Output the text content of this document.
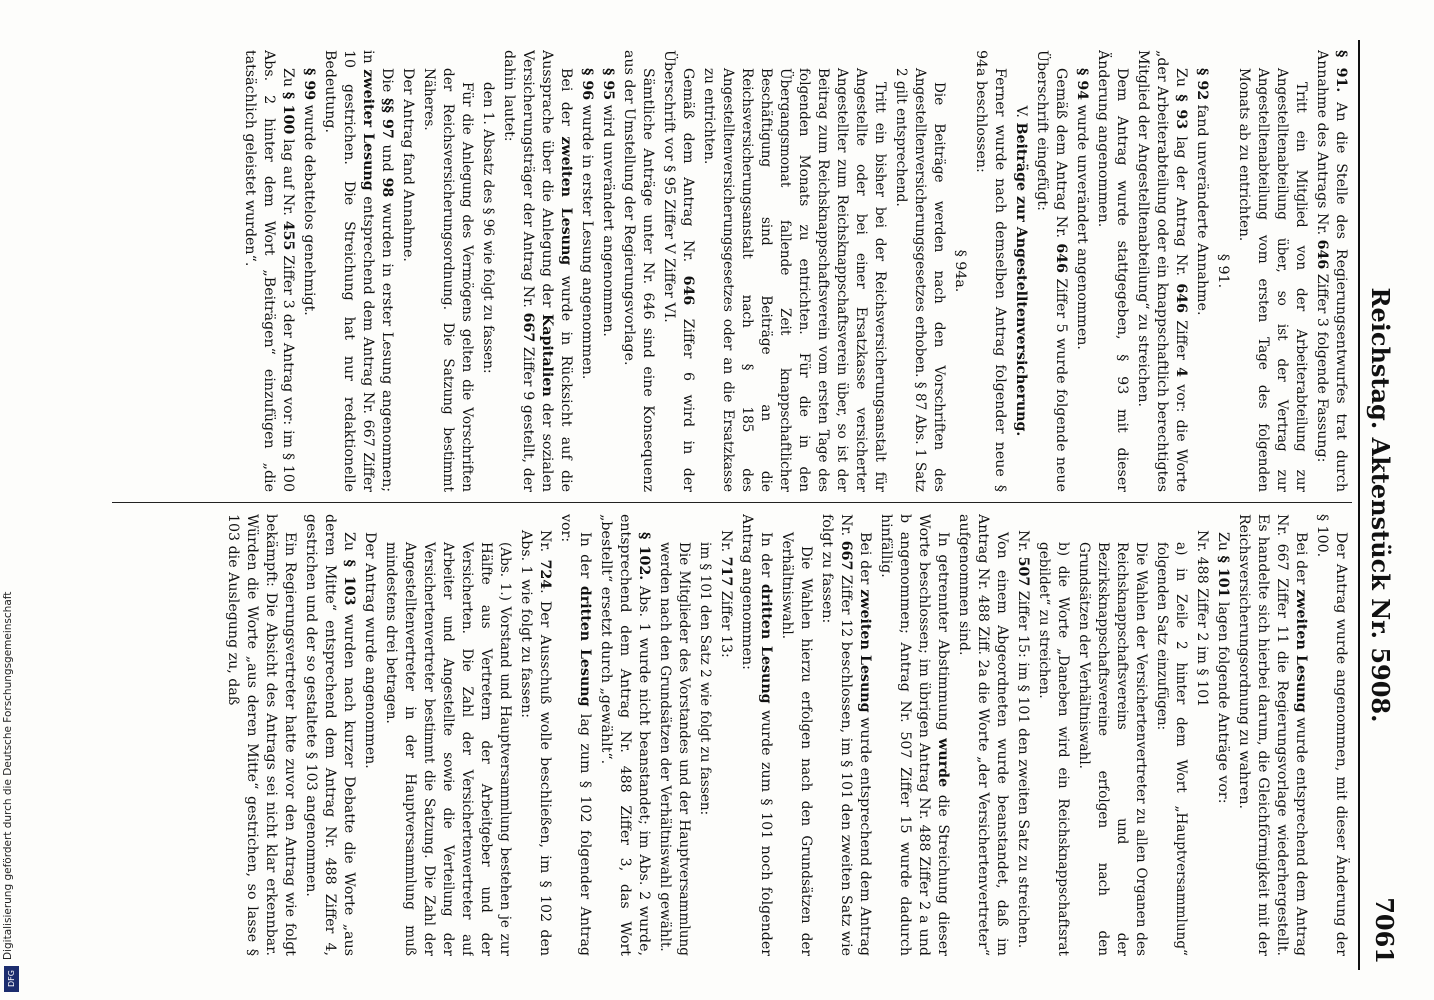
Digitalisierung gefördert durch die Deutsche Forschungsgemeinschaft
DFG
Reichstag. Aktenstück Nr. 5908.
7061

§ 91. An die Stelle des Regierungsentwurfes trat durch Annahme des Antrags Nr. 646 Ziffer 3 folgende Fassung:

Tritt ein Mitglied von der Arbeiterabteilung zur Angestelltenabteilung über, so ist der Vertrag zur Angestelltenabteilung vom ersten Tage des folgenden Monats ab zu entrichten.

§ 91.

§ 92 fand unveränderte Annahme.

Zu § 93 lag der Antrag Nr. 646 Ziffer 4 vor: die Worte „der Arbeiterabteilung oder ein knappschaftlich berechtigtes Mitglied der Angestelltenabteilung“ zu streichen.

Dem Antrag wurde stattgegeben, § 93 mit dieser Änderung angenommen.

§ 94 wurde unverändert angenommen.

Gemäß dem Antrag Nr. 646 Ziffer 5 wurde folgende neue Überschrift eingefügt:

V. Beiträge zur Angestelltenversicherung.

Ferner wurde nach demselben Antrag folgender neue § 94a beschlossen:

§ 94a.

Die Beiträge werden nach den Vorschriften des Angestelltenversicherungsgesetzes erhoben. § 87 Abs. 1 Satz 2 gilt entsprechend.

Tritt ein bisher bei der Reichsversicherungsanstalt für Angestellte oder bei einer Ersatzkasse versicherter Angestellter zum Reichsknappschaftsverein über, so ist der Beitrag zum Reichsknappschaftsverein vom ersten Tage des folgenden Monats zu entrichten. Für die in den Übergangsmonat fallende Zeit knappschaftlicher Beschäftigung sind Beiträge an die Reichsversicherungsanstalt nach § 185 des Angestelltenversicherungsgesetzes oder an die Ersatzkasse zu entrichten.

Gemäß dem Antrag Nr. 646 Ziffer 6 wird in der Überschrift vor § 95 Ziffer V Ziffer VI.

Sämtliche Anträge unter Nr. 646 sind eine Konsequenz aus der Umstellung der Regierungsvorlage.

§ 95 wird unverändert angenommen.

§ 96 wurde in erster Lesung angenommen.

Bei der zweiten Lesung wurde in Rücksicht auf die Aussprache über die Anlegung der Kapitalien der sozialen Versicherungsträger der Antrag Nr. 667 Ziffer 9 gestellt, der dahin lautet:

den 1. Absatz des § 96 wie folgt zu fassen:

Für die Anlegung des Vermögens gelten die Vorschriften der Reichsversicherungsordnung. Die Satzung bestimmt Näheres.

Der Antrag fand Annahme.

Die §§ 97 und 98 wurden in erster Lesung angenommen; in zweiter Lesung entsprechend dem Antrag Nr. 667 Ziffer 10 gestrichen. Die Streichung hat nur redaktionelle Bedeutung.

§ 99 wurde debattelos genehmigt.

Zu § 100 lag auf Nr. 455 Ziffer 3 der Antrag vor: im § 100 Abs. 2 hinter dem Wort „Beiträgen“ einzufügen „die tatsächlich geleistet wurden“.

Der Antrag wurde angenommen, mit dieser Änderung der § 100.

Bei der zweiten Lesung wurde entsprechend dem Antrag Nr. 667 Ziffer 11 die Regierungsvorlage wiederhergestellt. Es handelte sich hierbei darum, die Gleichförmigkeit mit der Reichsversicherungsordnung zu wahren.

Zu § 101 lagen folgende Anträge vor:

Nr. 488 Ziffer 2 im § 101

a) in Zeile 2 hinter dem Wort „Hauptversammlung“ folgenden Satz einzufügen:

Die Wahlen der Versichertenvertreter zu allen Organen des Reichsknappschaftsvereins und der Bezirksknappschaftsvereine erfolgen nach den Grundsätzen der Verhältniswahl.

b) die Worte „Daneben wird ein Reichsknappschaftsrat gebildet“ zu streichen.

Nr. 507 Ziffer 15: im § 101 den zweiten Satz zu streichen.

Von einem Abgeordneten wurde beanstandet, daß im Antrag Nr. 488 Ziff. 2a die Worte „der Versichertenvertreter“ aufgenommen sind.

In getrennter Abstimmung wurde die Streichung dieser Worte beschlossen; im übrigen Antrag Nr. 488 Ziffer 2 a und b angenommen; Antrag Nr. 507 Ziffer 15 wurde dadurch hinfällig.

Bei der zweiten Lesung wurde entsprechend dem Antrag Nr. 667 Ziffer 12 beschlossen, im § 101 den zweiten Satz wie folgt zu fassen:

Die Wahlen hierzu erfolgen nach den Grundsätzen der Verhältniswahl.

In der dritten Lesung wurde zum § 101 noch folgender Antrag angenommen:

Nr. 717 Ziffer 13:

im § 101 den Satz 2 wie folgt zu fassen:

Die Mitglieder des Vorstandes und der Hauptversammlung werden nach den Grundsätzen der Verhältniswahl gewählt.

§ 102. Abs. 1 wurde nicht beanstandet; im Abs. 2 wurde, entsprechend dem Antrag Nr. 488 Ziffer 3, das Wort „bestellt“ ersetzt durch „gewählt“.

In der dritten Lesung lag zum § 102 folgender Antrag vor:

Nr. 724. Der Ausschuß wolle beschließen, im § 102 den Abs. 1 wie folgt zu fassen:

(Abs. 1.) Vorstand und Hauptversammlung bestehen je zur Hälfte aus Vertretern der Arbeitgeber und der Versicherten. Die Zahl der Versichertenvertreter auf Arbeiter und Angestellte sowie die Verteilung der Versichertenvertreter bestimmt die Satzung. Die Zahl der Angestelltenvertreter in der Hauptversammlung muß mindestens drei betragen.

Der Antrag wurde angenommen.

Zu § 103 wurden nach kurzer Debatte die Worte „aus deren Mitte“ entsprechend dem Antrag Nr. 488 Ziffer 4, gestrichen und der so gestaltete § 103 angenommen.

Ein Regierungsvertreter hatte zuvor den Antrag wie folgt bekämpft: Die Absicht des Antrags sei nicht klar erkennbar. Würden die Worte „aus deren Mitte“ gestrichen, so lasse § 103 die Auslegung zu, daß
